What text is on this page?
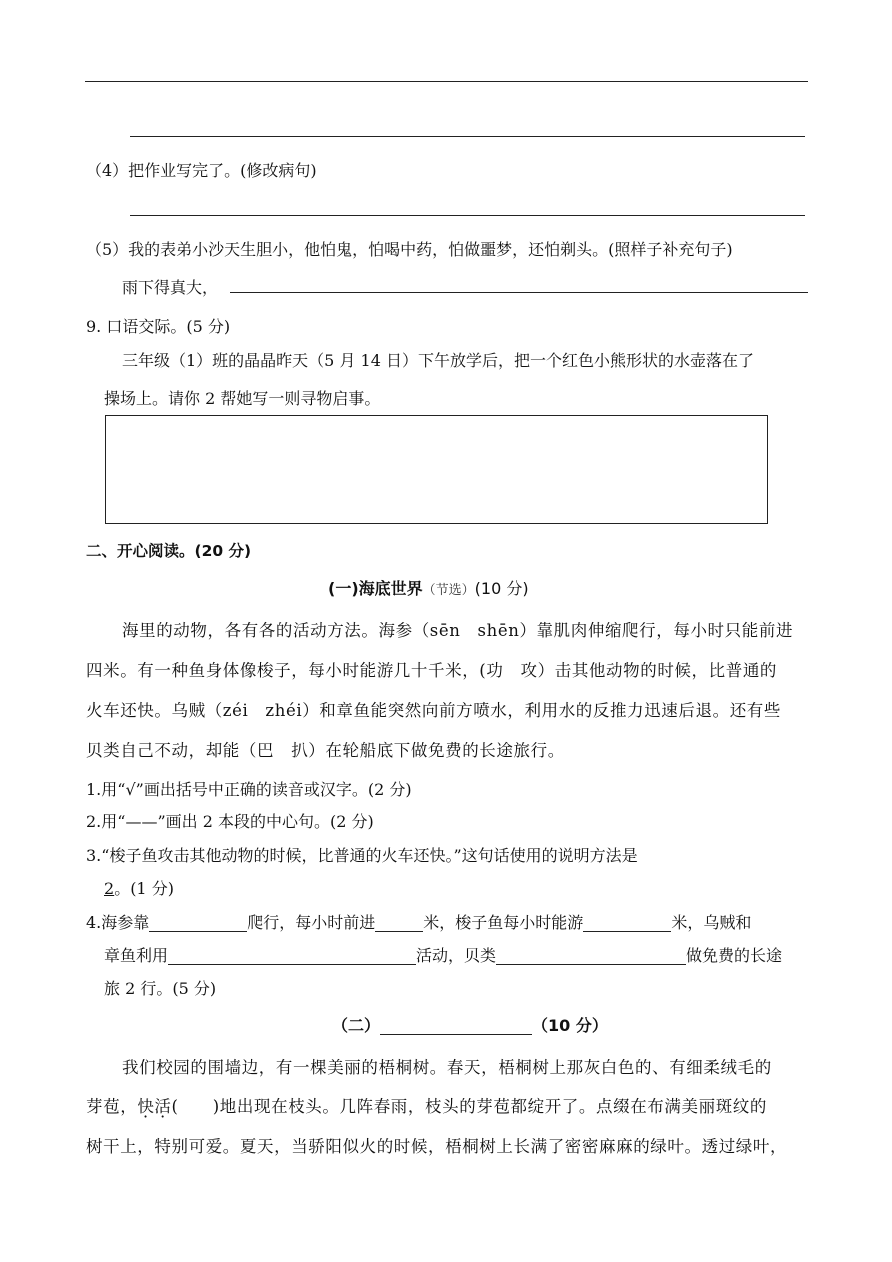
（4）把作业写完了。(修改病句)
（5）我的表弟小沙天生胆小，他怕鬼，怕喝中药，怕做噩梦，还怕剃头。(照样子补充句子)
雨下得真大，
9. 口语交际。(5 分)
三年级（1）班的晶晶昨天（5 月 14 日）下午放学后，把一个红色小熊形状的水壶落在了
操场上。请你 2 帮她写一则寻物启事。
二、开心阅读。(20 分)
(一)海底世界（节选）(10 分)
海里的动物，各有各的活动方法。海参（sēn　shēn）靠肌肉伸缩爬行，每小时只能前进
四米。有一种鱼身体像梭子，每小时能游几十千米，(功　攻）击其他动物的时候，比普通的
火车还快。乌贼（zéi　zhéi）和章鱼能突然向前方喷水，利用水的反推力迅速后退。还有些
贝类自己不动，却能（巴　扒）在轮船底下做免费的长途旅行。
1.用“√”画出括号中正确的读音或汉字。(2 分)
2.用“——”画出 2 本段的中心句。(2 分)
3.“梭子鱼攻击其他动物的时候，比普通的火车还快。”这句话使用的说明方法是
2。(1 分)
4.海参靠	爬行，每小时前进	米，梭子鱼每小时能游	米，乌贼和
章鱼利用	活动，贝类	做免费的长途
旅 2 行。(5 分)
（二）	（10 分）
我们校园的围墙边，有一棵美丽的梧桐树。春天，梧桐树上那灰白色的、有细柔绒毛的
芽苞，快活(　　)地出现在枝头。几阵春雨，枝头的芽苞都绽开了。点缀在布满美丽斑纹的
树干上，特别可爱。夏天，当骄阳似火的时候，梧桐树上长满了密密麻麻的绿叶。透过绿叶，
